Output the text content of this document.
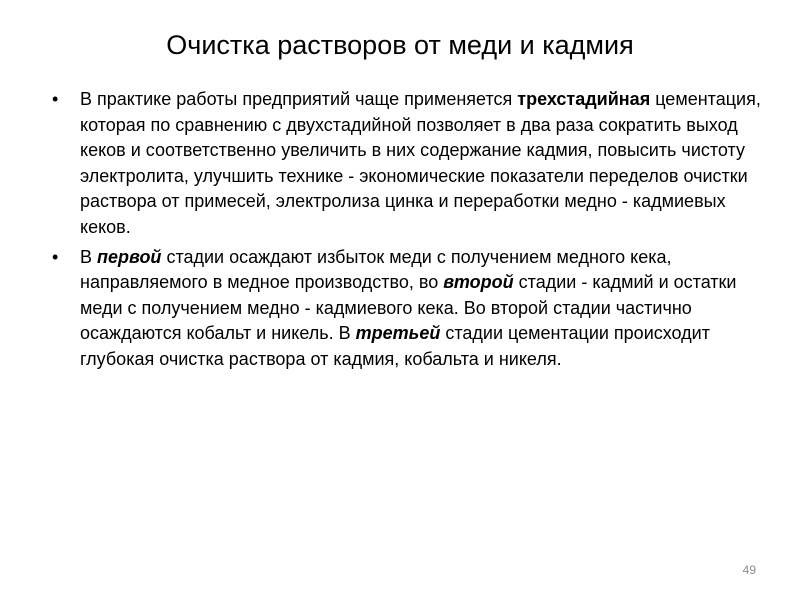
Очистка растворов от меди и кадмия
• В практике работы предприятий чаще применяется трехстадийная цементация, которая по сравнению с двухстадийной позволяет в два раза сократить выход кеков и соответственно увеличить в них содержание кадмия, повысить чистоту электролита, улучшить технике - экономические показатели переделов очистки раствора от примесей, электролиза цинка и переработки медно - кадмиевых кеков.
• В первой стадии осаждают избыток меди с получением медного кека, направляемого в медное производство, во второй стадии - кадмий и остатки меди с получением медно - кадмиевого кека. Во второй стадии частично осаждаются кобальт и никель. В третьей стадии цементации происходит глубокая очистка раствора от кадмия, кобальта и никеля.
49
